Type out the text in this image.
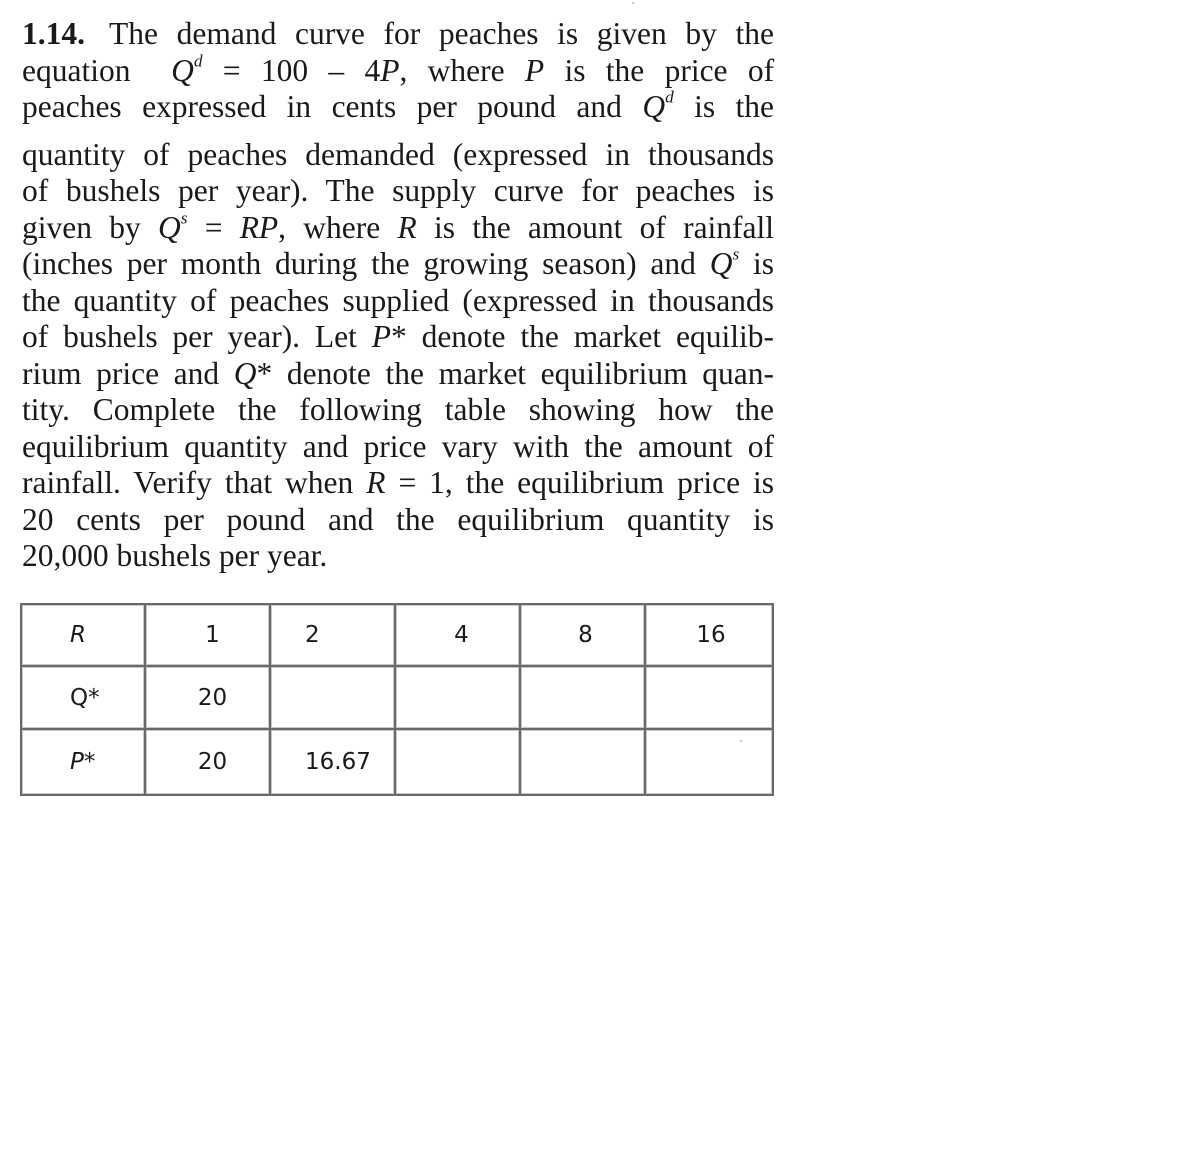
1.14. The demand curve for peaches is given by the
equation $Q^d = 100 - 4P$, where P is the price of
peaches expressed in cents per pound and $Q^d$ is the
quantity of peaches demanded (expressed in thousands
of bushels per year). The supply curve for peaches is
given by $Q^s$ = RP, where R is the amount of rainfall
(inches per month during the growing season) and $Q^s$ is
the quantity of peaches supplied (expressed in thousands
of bushels per year). Let P* denote the market equilib-
rium price and Q* denote the market equilibrium quan-
tity. Complete the following table showing how the
equilibrium quantity and price vary with the amount of
rainfall. Verify that when R = 1, the equilibrium price is
20 cents per pound and the equilibrium quantity is
20,000 bushels per year.
R	1	2	4	8	16
Q*	20				
P*	20	16.67			
